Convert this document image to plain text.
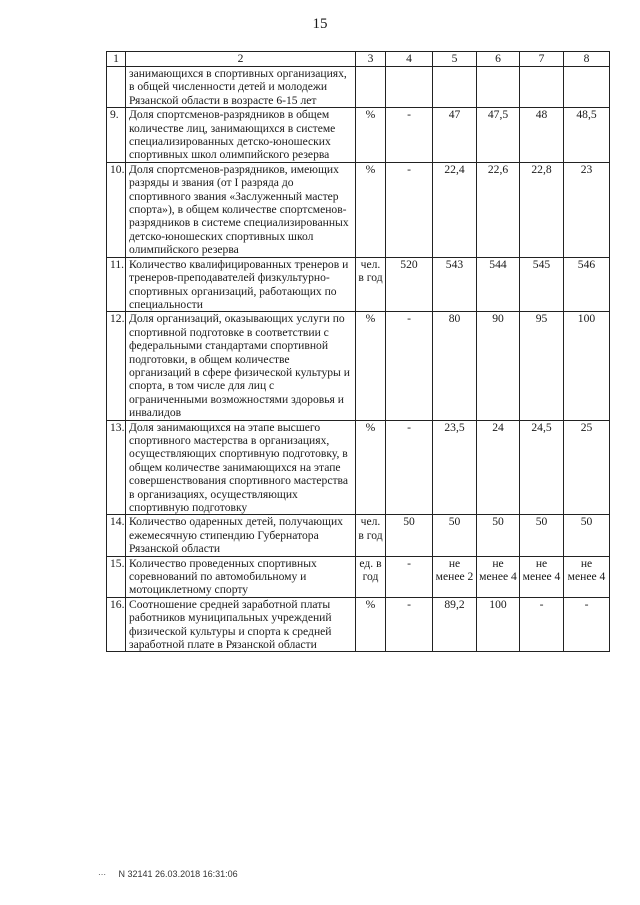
15
1	2	3	4	5	6	7	8
	занимающихся в спортивных организациях, в общей численности детей и молодежи Рязанской области в возрасте 6-15 лет						
9.	Доля спортсменов-разрядников в общем количестве лиц, занимающихся в системе специализированных детско-юношеских спортивных школ олимпийского резерва	%	-	47	47,5	48	48,5
10.	Доля спортсменов-разрядников, имеющих разряды и звания (от I разряда до спортивного звания «Заслуженный мастер спорта»), в общем количестве спортсменов-разрядников в системе специализированных детско-юношеских спортивных школ олимпийского резерва	%	-	22,4	22,6	22,8	23
11.	Количество квалифицированных тренеров и тренеров-преподавателей физкультурно-спортивных организаций, работающих по специальности	чел. в год	520	543	544	545	546
12.	Доля организаций, оказывающих услуги по спортивной подготовке в соответствии с федеральными стандартами спортивной подготовки, в общем количестве организаций в сфере физической культуры и спорта, в том числе для лиц с ограниченными возможностями здоровья и инвалидов	%	-	80	90	95	100
13.	Доля занимающихся на этапе высшего спортивного мастерства в организациях, осуществляющих спортивную подготовку, в общем количестве занимающихся на этапе совершенствования спортивного мастерства в организациях, осуществляющих спортивную подготовку	%	-	23,5	24	24,5	25
14.	Количество одаренных детей, получающих ежемесячную стипендию Губернатора Рязанской области	чел. в год	50	50	50	50	50
15.	Количество проведенных спортивных соревнований по автомобильному и мотоциклетному спорту	ед. в год	-	не менее 2	не менее 4	не менее 4	не менее 4
16.	Соотношение средней заработной платы работников муниципальных учреждений физической культуры и спорта к средней заработной плате в Рязанской области	%	-	89,2	100	-	-
⋯ N 32141 26.03.2018 16:31:06
